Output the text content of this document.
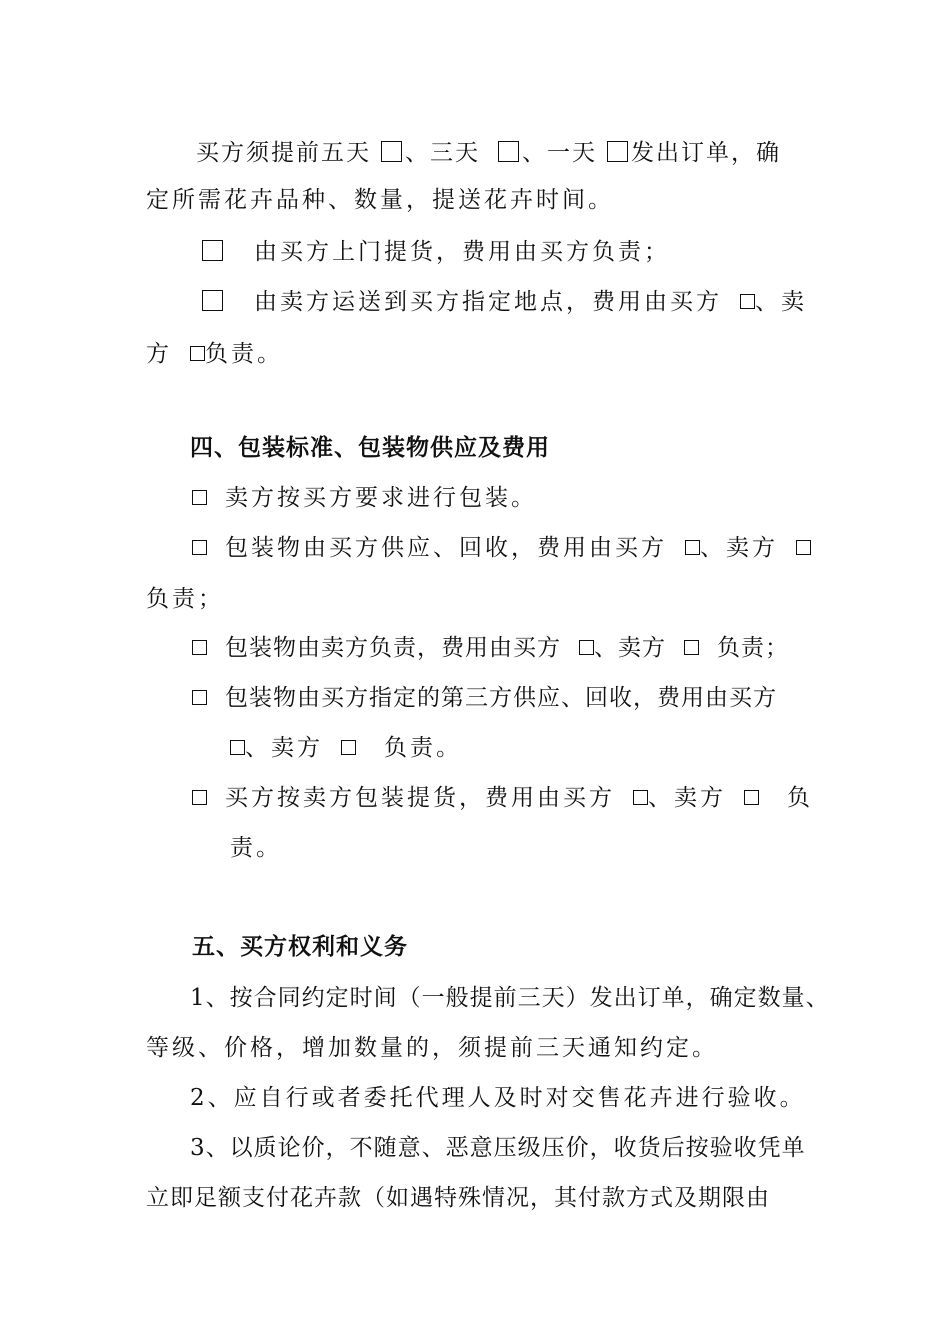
买方须提前五天 、三天 、一天 发出订单，确
定所需花卉品种、数量，提送花卉时间。
由买方上门提货，费用由买方负责；
由卖方运送到买方指定地点，费用由买方 、卖
方 负责。
四、包装标准、包装物供应及费用
卖方按买方要求进行包装。
包装物由买方供应、回收，费用由买方 、卖方
负责；
包装物由卖方负责，费用由买方 、卖方 负责；
包装物由买方指定的第三方供应、回收，费用由买方
、卖方	负责。
买方按卖方包装提货，费用由买方 、卖方	负
责。
五、买方权利和义务
1、按合同约定时间（一般提前三天）发出订单，确定数量、
等级、价格，增加数量的，须提前三天通知约定。
2、应自行或者委托代理人及时对交售花卉进行验收。
3、以质论价，不随意、恶意压级压价，收货后按验收凭单
立即足额支付花卉款（如遇特殊情况，其付款方式及期限由
